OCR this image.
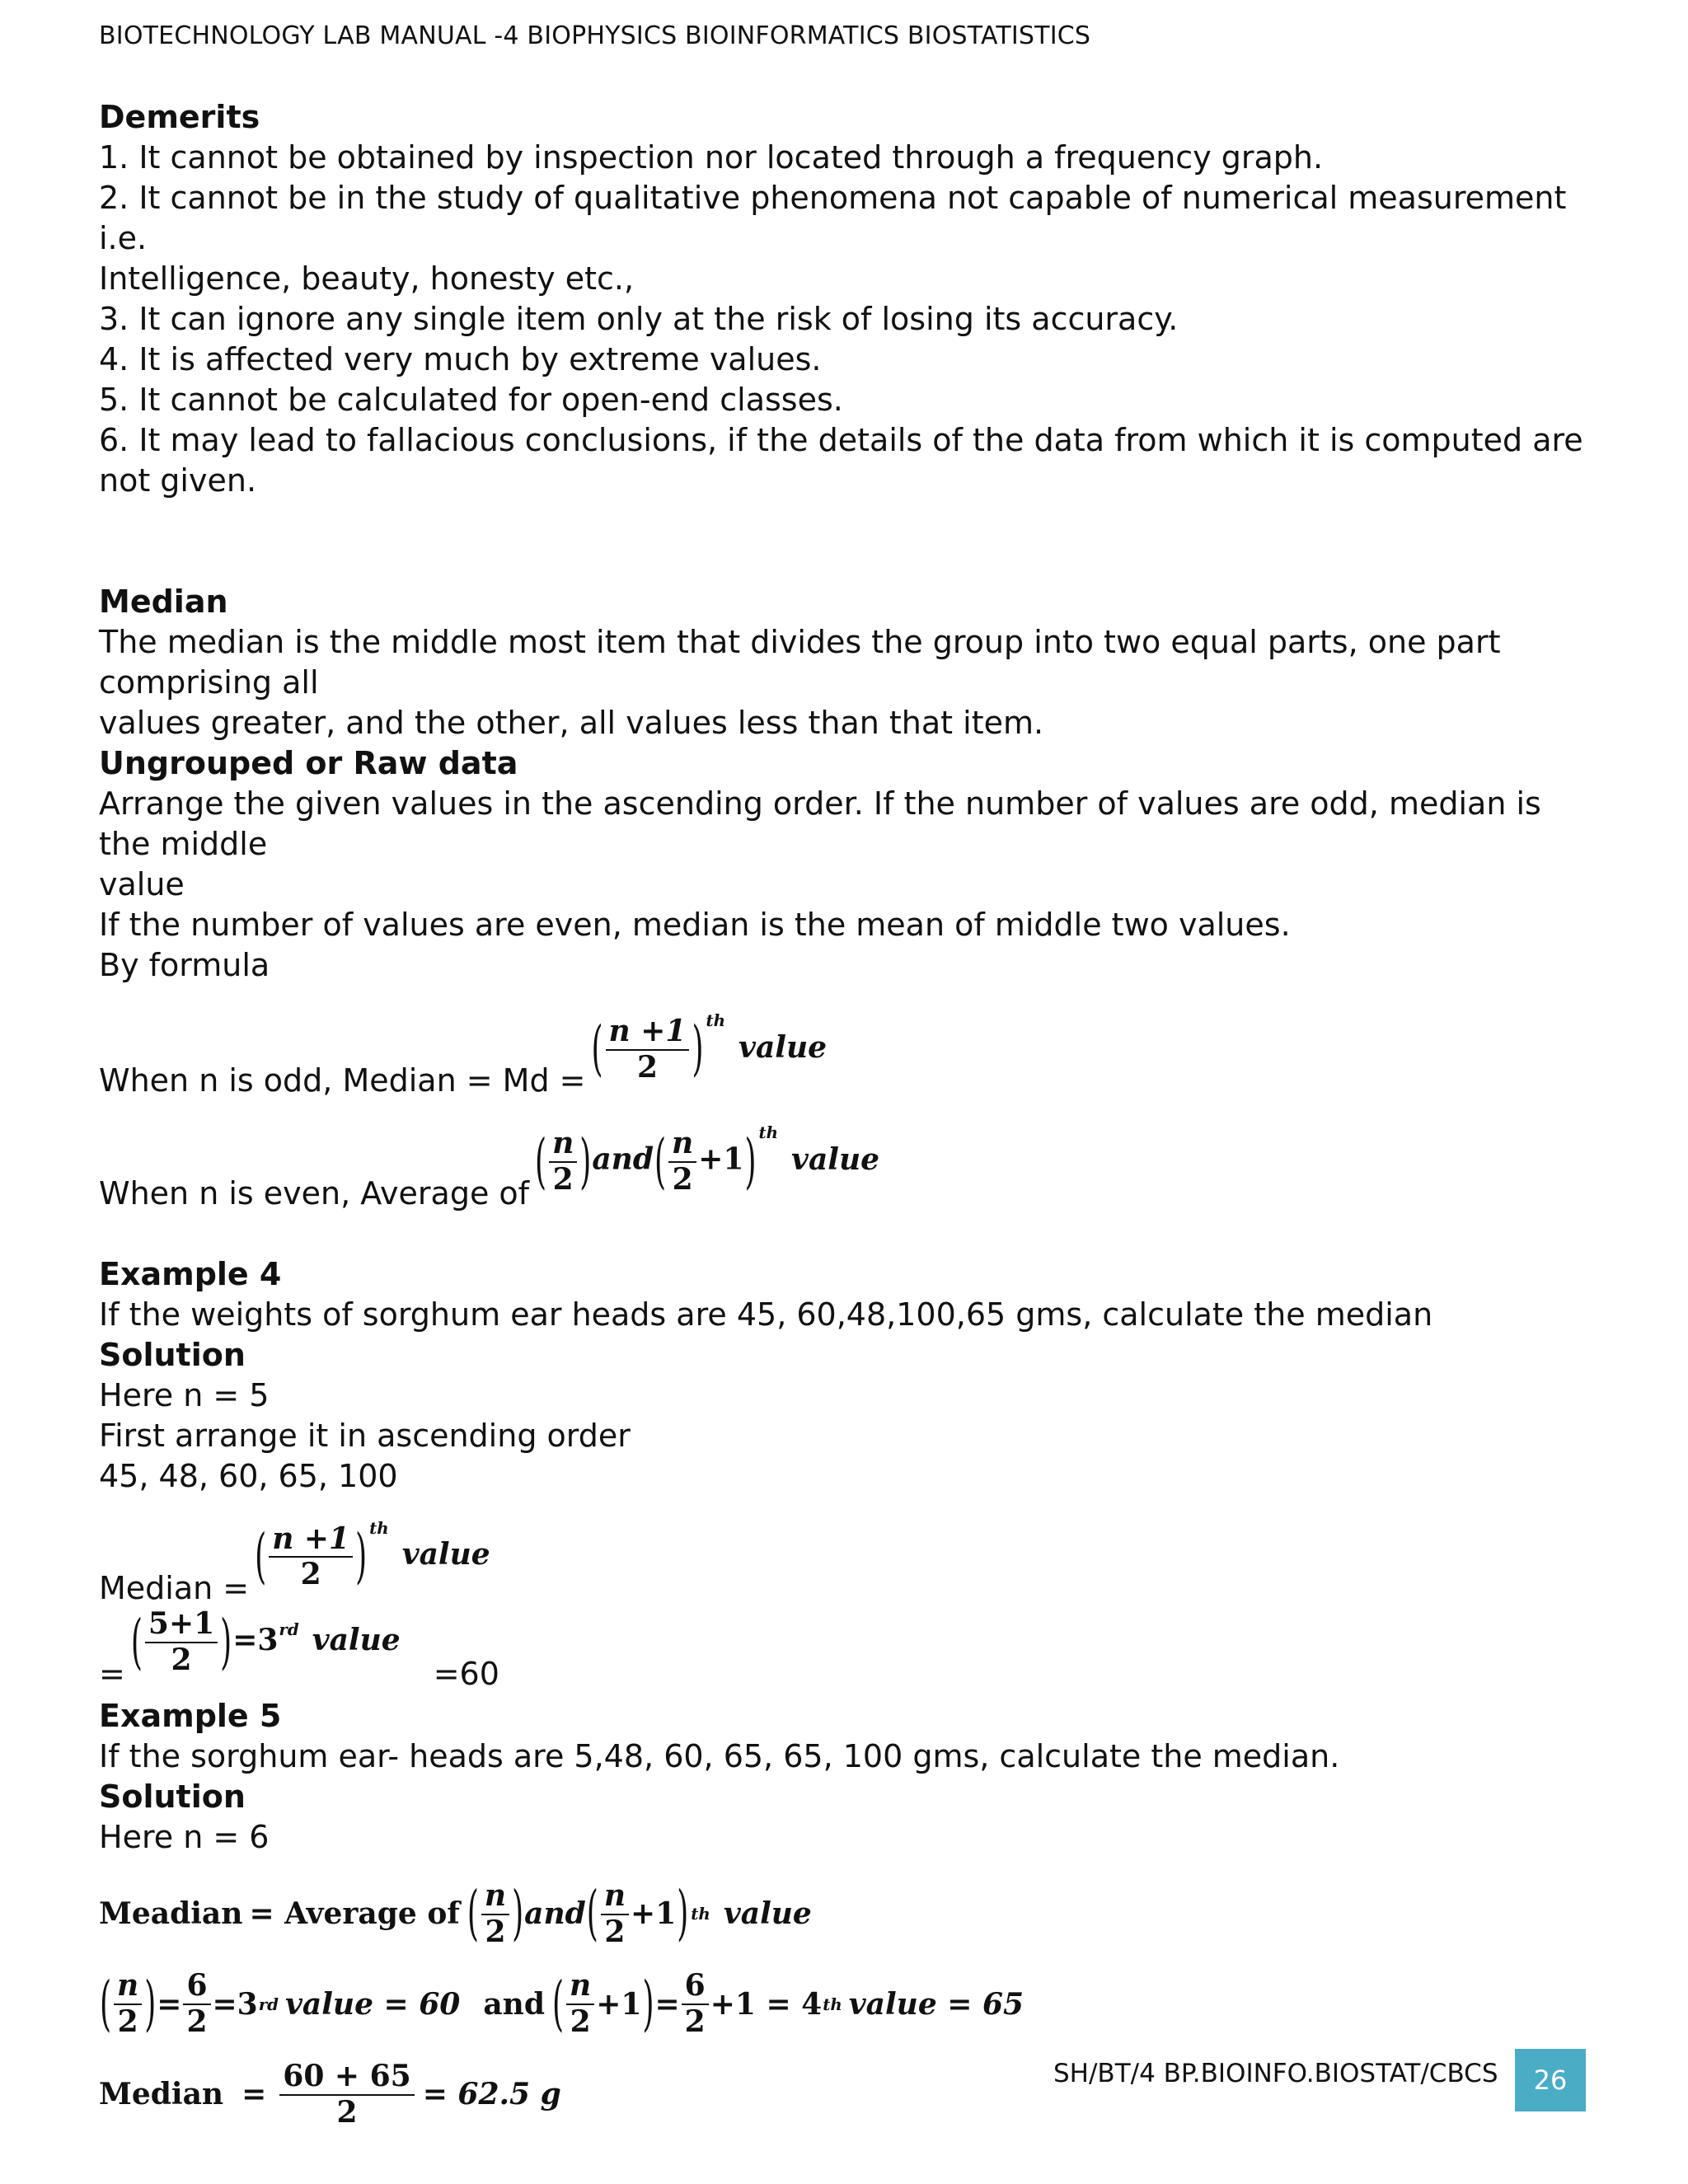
BIOTECHNOLOGY LAB MANUAL -4 BIOPHYSICS BIOINFORMATICS BIOSTATISTICS

Demerits

1. It cannot be obtained by inspection nor located through a frequency graph.

2. It cannot be in the study of qualitative phenomena not capable of numerical measurement i.e.

Intelligence, beauty, honesty etc.,

3. It can ignore any single item only at the risk of losing its accuracy.

4. It is affected very much by extreme values.

5. It cannot be calculated for open-end classes.

6. It may lead to fallacious conclusions, if the details of the data from which it is computed are

not given.

Median

The median is the middle most item that divides the group into two equal parts, one part comprising all

values greater, and the other, all values less than that item.

Ungrouped or Raw data

Arrange the given values in the ascending order. If the number of values are odd, median is the middle

value

If the number of values are even, median is the mean of middle two values.

By formula

When n is odd, Median = Md = ( $\frac{n +1}{2}$ ) $^{th}$value
When n is even, Average of ( $\frac{n}{2} )and( \frac{n}{2} +1)$ $^{th}$value

Example 4

If the weights of sorghum ear heads are 45, 60,48,100,65 gms, calculate the median

Solution

Here n = 5

First arrange it in ascending order

45, 48, 60, 65, 100

Median = ( $\frac{n +1}{2}$ ) $^{th}$value
= ( $\frac{5+1}{2} )=3rd$ value
=60

Example 5

If the sorghum ear- heads are 5,48, 60, 65, 65, 100 gms, calculate the median.

Solution

Here n = 6

Meadian = Average of ( $\frac{n}{2}$ ) and ( $\frac{n}{2} +1$ ) th value
( $\frac{n}{2}$ ) = $\frac{6}{2} =3$ rd value = 60 and ( $\frac{n}{2} +1$ ) = $\frac{6}{2} +1 = 4$ th value = 65
Median = $\frac{60 + 65}{2} = 62.5$ g
SH/BT/4 BP.BIOINFO.BIOSTAT/CBCS	26
